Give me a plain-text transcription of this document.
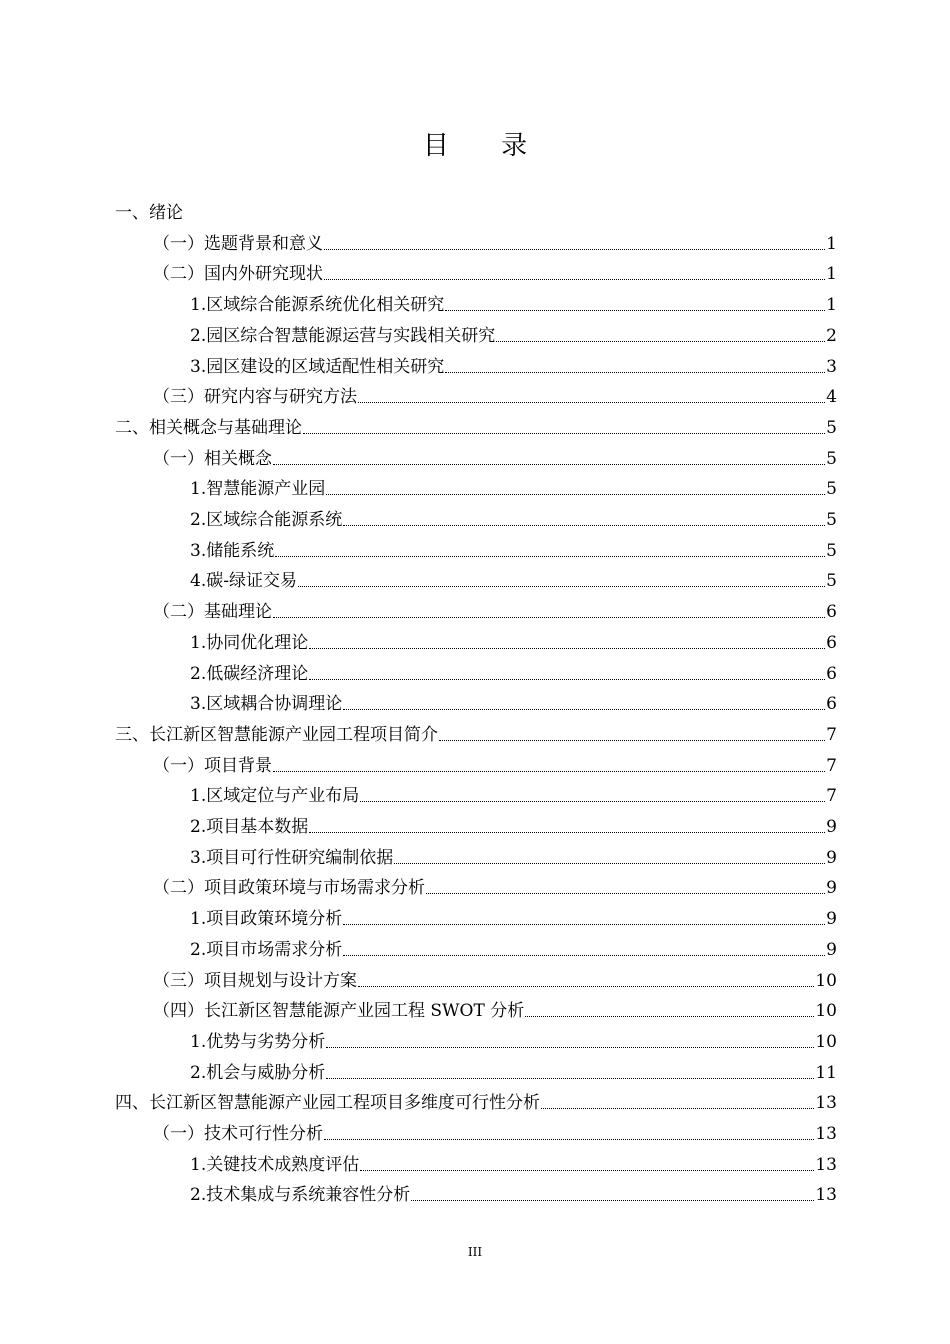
目 录
一、绪论
（一）选题背景和意义	1
（二）国内外研究现状	1
1.区域综合能源系统优化相关研究	1
2.园区综合智慧能源运营与实践相关研究	2
3.园区建设的区域适配性相关研究	3
（三）研究内容与研究方法	4
二、相关概念与基础理论	5
（一）相关概念	5
1.智慧能源产业园	5
2.区域综合能源系统	5
3.储能系统	5
4.碳-绿证交易	5
（二）基础理论	6
1.协同优化理论	6
2.低碳经济理论	6
3.区域耦合协调理论	6
三、长江新区智慧能源产业园工程项目简介	7
（一）项目背景	7
1.区域定位与产业布局	7
2.项目基本数据	9
3.项目可行性研究编制依据	9
（二）项目政策环境与市场需求分析	9
1.项目政策环境分析	9
2.项目市场需求分析	9
（三）项目规划与设计方案	10
（四）长江新区智慧能源产业园工程 SWOT 分析	10
1.优势与劣势分析	10
2.机会与威胁分析	11
四、长江新区智慧能源产业园工程项目多维度可行性分析	13
（一）技术可行性分析	13
1.关键技术成熟度评估	13
2.技术集成与系统兼容性分析	13
III
